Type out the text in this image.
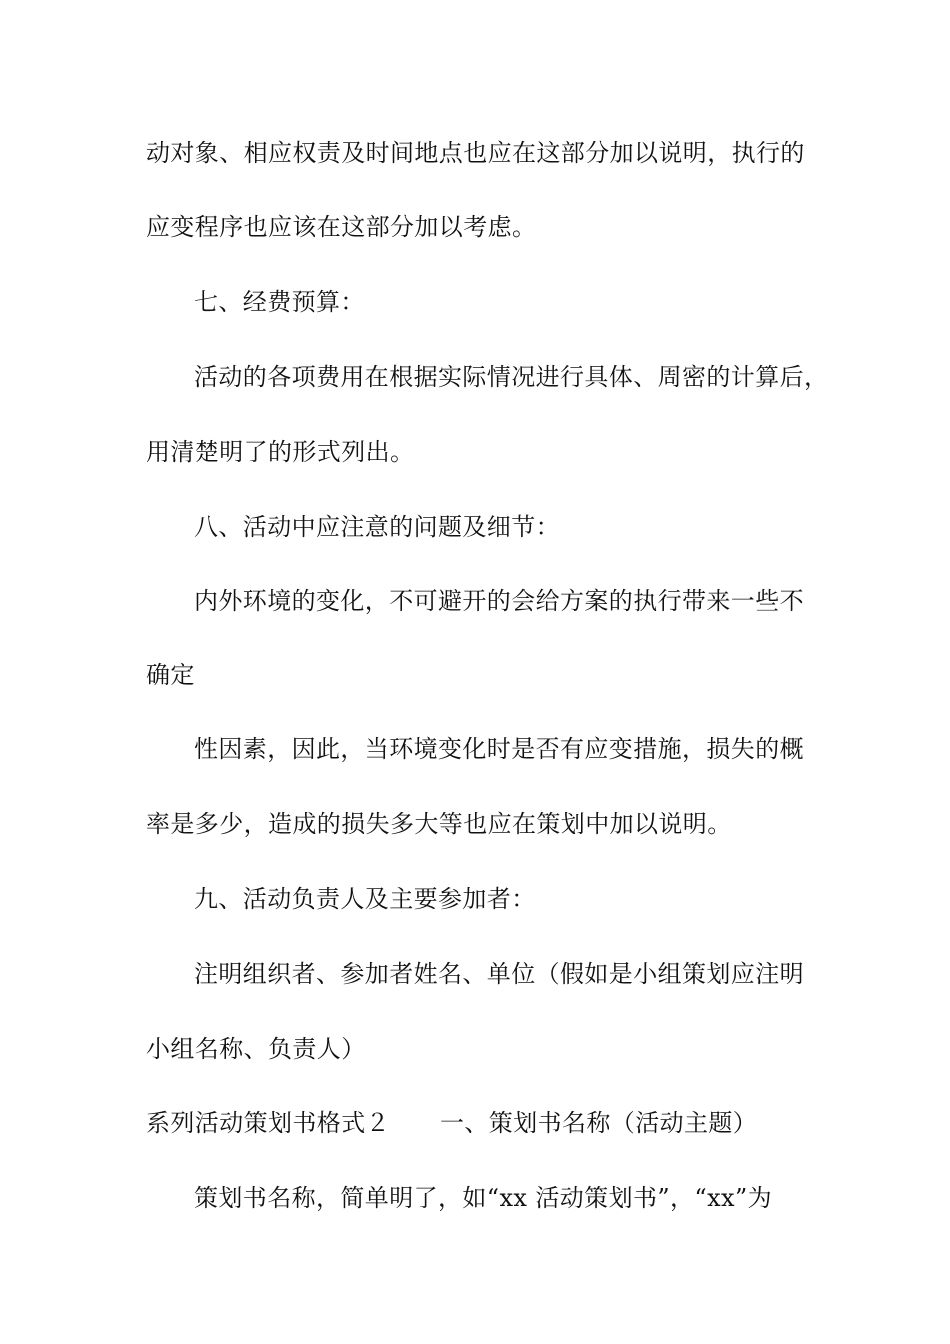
动对象、相应权责及时间地点也应在这部分加以说明，执行的
应变程序也应该在这部分加以考虑。
七、经费预算：
活动的各项费用在根据实际情况进行具体、周密的计算后，
用清楚明了的形式列出。
八、活动中应注意的问题及细节：
内外环境的变化，不可避开的会给方案的执行带来一些不
确定
性因素，因此，当环境变化时是否有应变措施，损失的概
率是多少，造成的损失多大等也应在策划中加以说明。
九、活动负责人及主要参加者：
注明组织者、参加者姓名、单位（假如是小组策划应注明
小组名称、负责人）
系列活动策划书格式２ 一、策划书名称（活动主题）
策划书名称，简单明了，如“xx 活动策划书”，“xx”为
